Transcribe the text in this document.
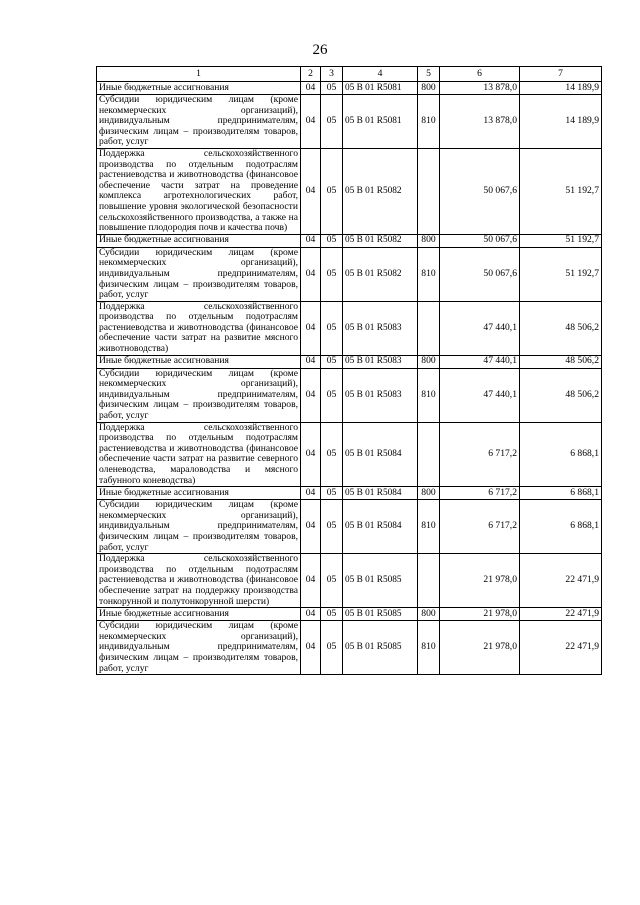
26
1	2	3	4	5	6	7
Иные бюджетные ассигнования	04	05	05 В 01 R5081	800	13 878,0	14 189,9
Субсидии юридическим лицам (кроме некоммерческих организаций), индивидуальным предпринимателям, физическим лицам – производителям товаров, работ, услуг	04	05	05 В 01 R5081	810	13 878,0	14 189,9
Поддержка сельскохозяйственного производства по отдельным подотраслям растениеводства и животноводства (финансовое обеспечение части затрат на проведение комплекса агротехнологических работ, повышение уровня экологической безопасности сельскохозяйственного производства, а также на повышение плодородия почв и качества почв)	04	05	05 В 01 R5082		50 067,6	51 192,7
Иные бюджетные ассигнования	04	05	05 В 01 R5082	800	50 067,6	51 192,7
Субсидии юридическим лицам (кроме некоммерческих организаций), индивидуальным предпринимателям, физическим лицам – производителям товаров, работ, услуг	04	05	05 В 01 R5082	810	50 067,6	51 192,7
Поддержка сельскохозяйственного производства по отдельным подотраслям растениеводства и животноводства (финансовое обеспечение части затрат на развитие мясного животноводства)	04	05	05 В 01 R5083		47 440,1	48 506,2
Иные бюджетные ассигнования	04	05	05 В 01 R5083	800	47 440,1	48 506,2
Субсидии юридическим лицам (кроме некоммерческих организаций), индивидуальным предпринимателям, физическим лицам – производителям товаров, работ, услуг	04	05	05 В 01 R5083	810	47 440,1	48 506,2
Поддержка сельскохозяйственного производства по отдельным подотраслям растениеводства и животноводства (финансовое обеспечение части затрат на развитие северного оленеводства, мараловодства и мясного табунного коневодства)	04	05	05 В 01 R5084		6 717,2	6 868,1
Иные бюджетные ассигнования	04	05	05 В 01 R5084	800	6 717,2	6 868,1
Субсидии юридическим лицам (кроме некоммерческих организаций), индивидуальным предпринимателям, физическим лицам – производителям товаров, работ, услуг	04	05	05 В 01 R5084	810	6 717,2	6 868,1
Поддержка сельскохозяйственного производства по отдельным подотраслям растениеводства и животноводства (финансовое обеспечение затрат на поддержку производства тонкорунной и полутонкорунной шерсти)	04	05	05 В 01 R5085		21 978,0	22 471,9
Иные бюджетные ассигнования	04	05	05 В 01 R5085	800	21 978,0	22 471,9
Субсидии юридическим лицам (кроме некоммерческих организаций), индивидуальным предпринимателям, физическим лицам – производителям товаров, работ, услуг	04	05	05 В 01 R5085	810	21 978,0	22 471,9
